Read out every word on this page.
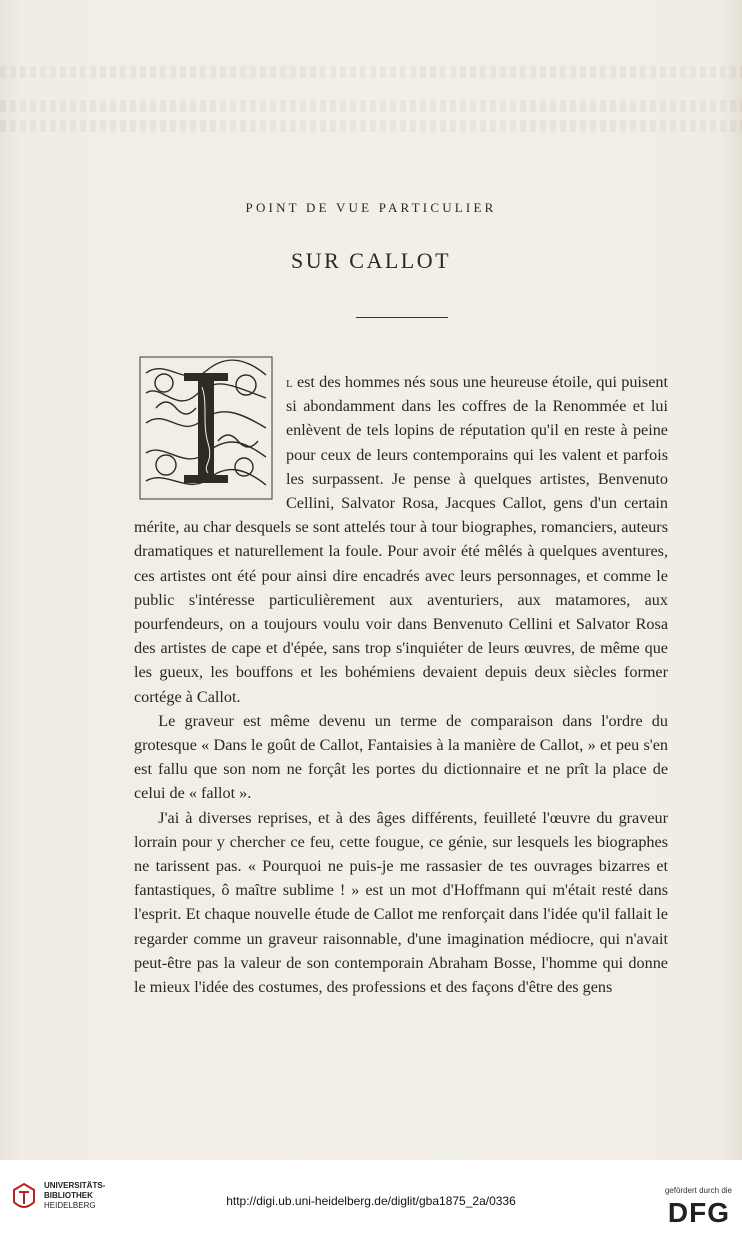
POINT DE VUE PARTICULIER
SUR CALLOT

l est des hommes nés sous une heureuse étoile, qui puisent si abondamment dans les coffres de la Renommée et lui enlèvent de tels lopins de réputation qu'il en reste à peine pour ceux de leurs contemporains qui les valent et parfois les surpassent. Je pense à quelques artistes, Benvenuto Cellini, Salvator Rosa, Jacques Callot, gens d'un certain mérite, au char desquels se sont attelés tour à tour biographes, romanciers, auteurs dramatiques et naturellement la foule. Pour avoir été mêlés à quelques aventures, ces artistes ont été pour ainsi dire encadrés avec leurs personnages, et comme le public s'intéresse particulièrement aux aventuriers, aux matamores, aux pourfendeurs, on a toujours voulu voir dans Benvenuto Cellini et Salvator Rosa des artistes de cape et d'épée, sans trop s'inquiéter de leurs œuvres, de même que les gueux, les bouffons et les bohémiens devaient depuis deux siècles former cortége à Callot.

Le graveur est même devenu un terme de comparaison dans l'ordre du grotesque « Dans le goût de Callot, Fantaisies à la manière de Callot, » et peu s'en est fallu que son nom ne forçât les portes du dictionnaire et ne prît la place de celui de « fallot ».

J'ai à diverses reprises, et à des âges différents, feuilleté l'œuvre du graveur lorrain pour y chercher ce feu, cette fougue, ce génie, sur lesquels les biographes ne tarissent pas. « Pourquoi ne puis-je me rassasier de tes ouvrages bizarres et fantastiques, ô maître sublime ! » est un mot d'Hoffmann qui m'était resté dans l'esprit. Et chaque nouvelle étude de Callot me renforçait dans l'idée qu'il fallait le regarder comme un graveur raisonnable, d'une imagination médiocre, qui n'avait peut-être pas la valeur de son contemporain Abraham Bosse, l'homme qui donne le mieux l'idée des costumes, des professions et des façons d'être des gens

UNIVERSITÄTS-
BIBLIOTHEK
HEIDELBERG	http://digi.ub.uni-heidelberg.de/diglit/gba1875_2a/0336
gefördert durch die
DFG
